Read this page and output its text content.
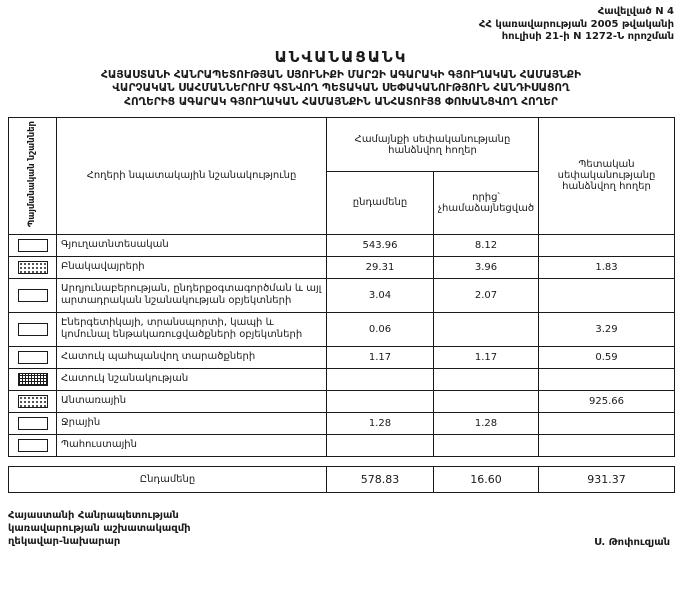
Հավելված N 4
ՀՀ կառավարության 2005 թվականի
հուլիսի 21-ի N 1272-Ն որոշման
ԱՆՎԱՆԱՑԱՆԿ
ՀԱՅԱՍՏԱՆԻ ՀԱՆՐԱՊԵՏՈՒԹՅԱՆ ՍՅՈՒՆԻՔԻ ՄԱՐԶԻ ԱԳԱՐԱԿԻ ԳՅՈՒՂԱԿԱՆ ՀԱՄԱՅՆՔԻ
ՎԱՐՉԱԿԱՆ ՍԱՀՄԱՆՆԵՐՈՒՄ ԳՏՆՎՈՂ ՊԵՏԱԿԱՆ ՍԵՓԱԿԱՆՈՒԹՅՈՒՆ ՀԱՆԴԻՍԱՑՈՂ
ՀՈՂԵՐԻՑ ԱԳԱՐԱԿ ԳՅՈՒՂԱԿԱՆ ՀԱՄԱՅՆՔԻՆ ԱՆՀԱՏՈՒՅՑ ՓՈԽԱՆՑՎՈՂ ՀՈՂԵՐ
Պայմանական նշաններ	Հողերի նպատակային նշանակությունը	Համայնքի սեփականությանը հանձնվող հողեր		Պետական սեփականությանը հանձնվող հողեր
		ընդամենը	որից՝ չհամաձայնեցված	
	Գյուղատնտեսական	543.96	8.12	
	Բնակավայրերի	29.31	3.96	1.83
	Արդյունաբերության, ընդերքօգտագործման և այլ արտադրական նշանակության օբյեկտների	3.04	2.07	
	Էներգետիկայի, տրանսպորտի, կապի և կոմունալ ենթակառուցվածքների օբյեկտների	0.06		3.29
	Հատուկ պահպանվող տարածքների	1.17	1.17	0.59
	Հատուկ նշանակության			
	Անտառային			925.66
	Ջրային	1.28	1.28	
	Պահուստային			
Ընդամենը	578.83	16.60	931.37
Հայաստանի Հանրապետության
կառավարության աշխատակազմի
ղեկավար-նախարար	Ս. Թոփուզյան
